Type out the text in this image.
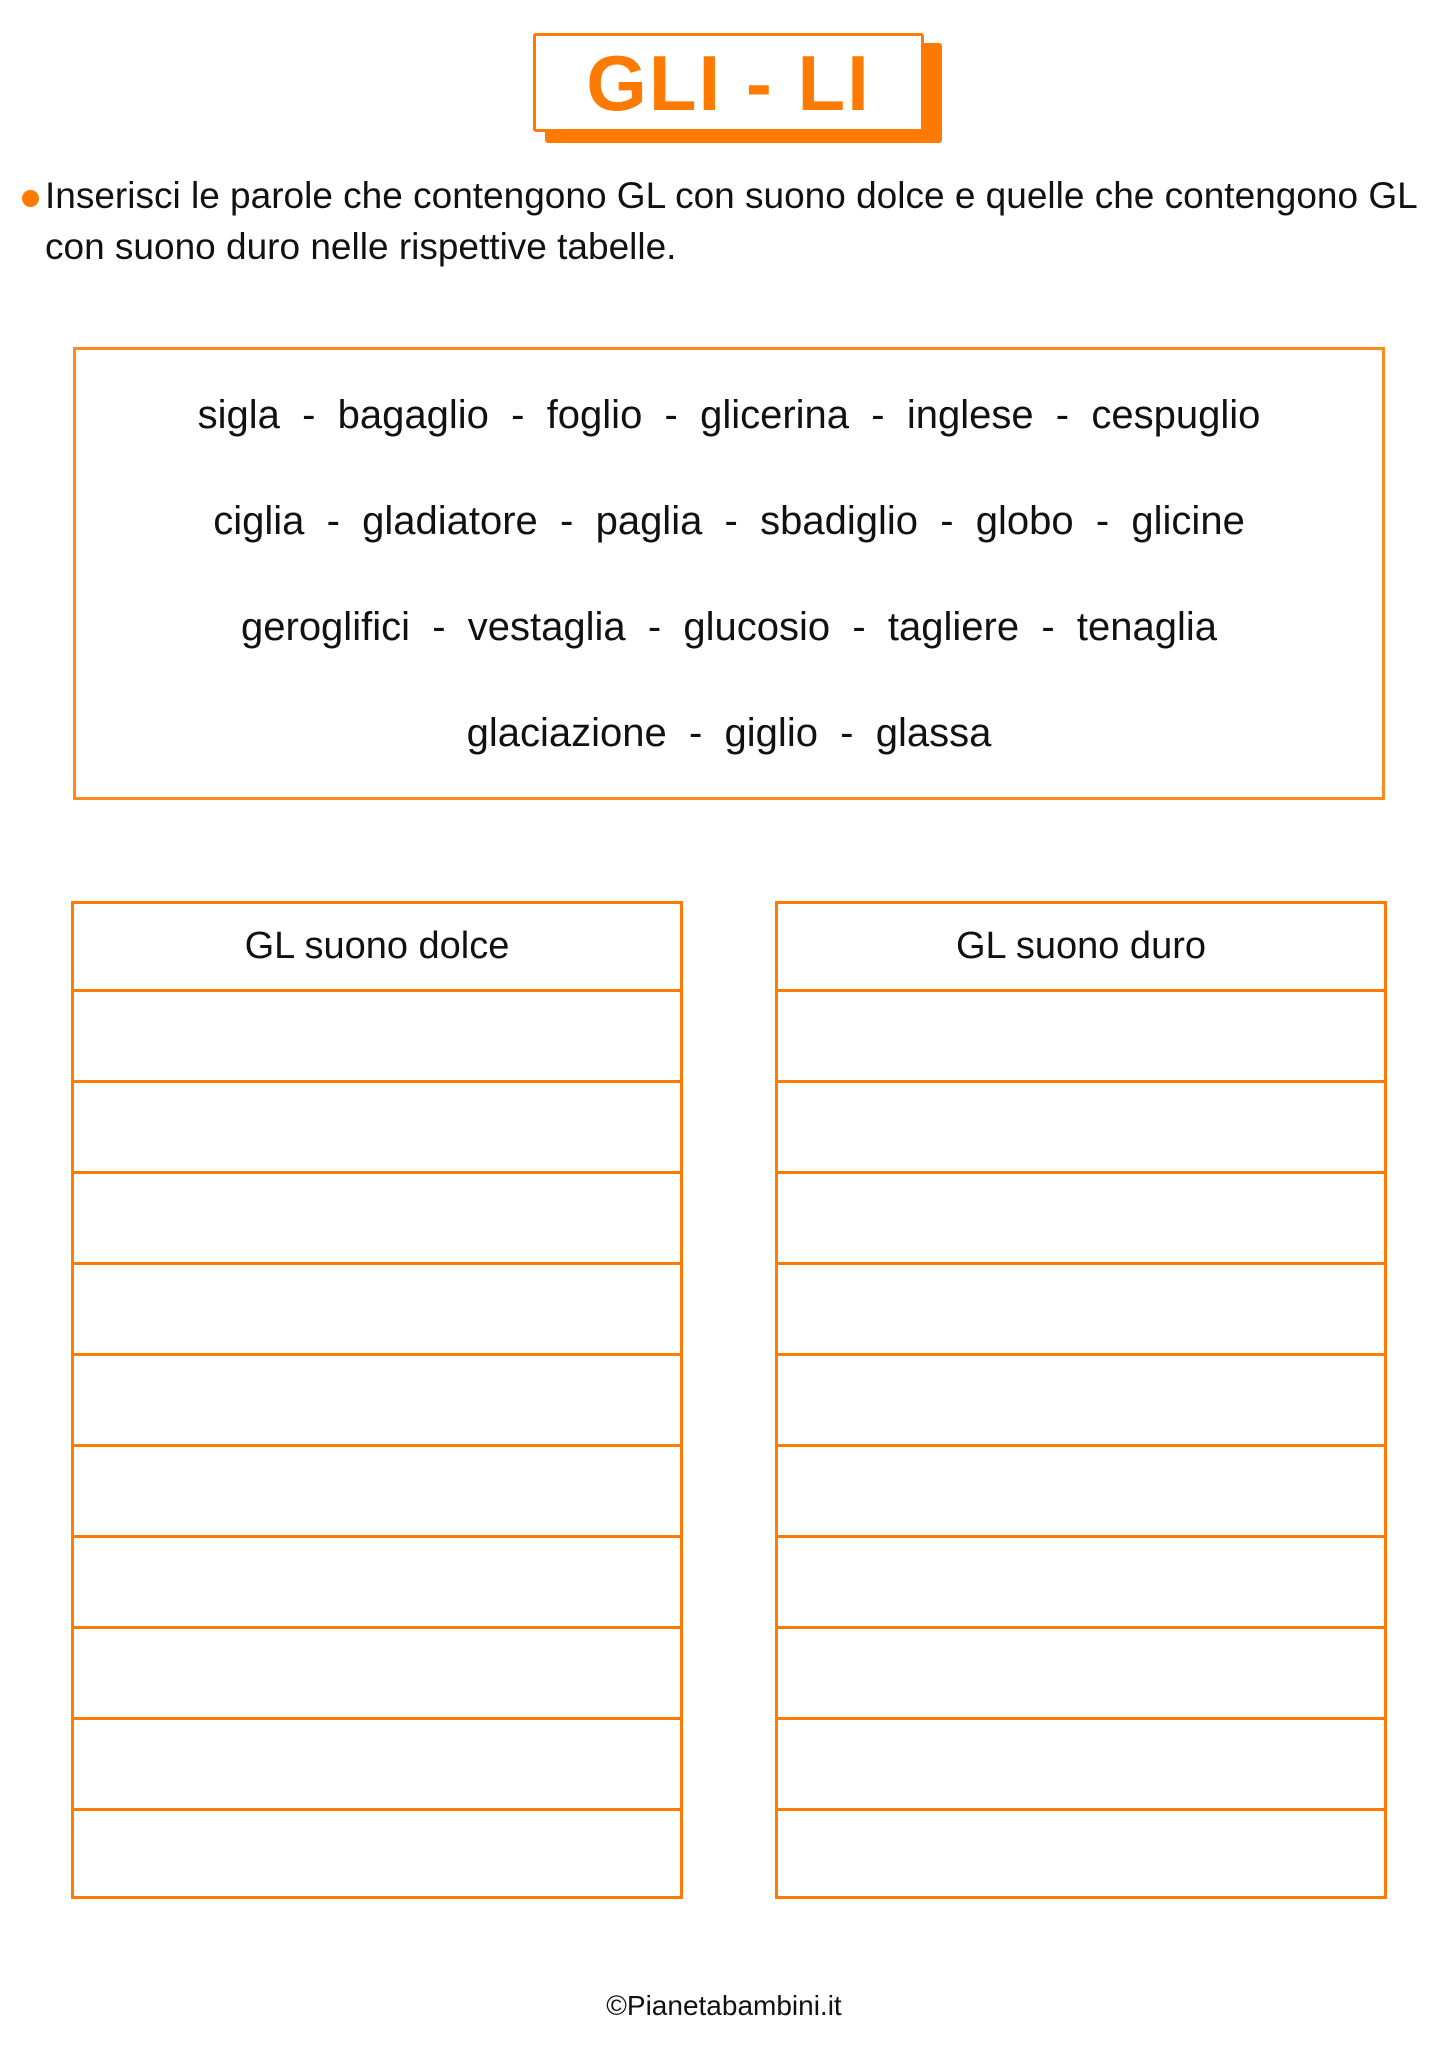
GLI - LI
Inserisci le parole che contengono GL con suono dolce e quelle che contengono GL con suono duro nelle rispettive tabelle.
sigla  -  bagaglio  -  foglio  -  glicerina  -  inglese  -  cespuglio
ciglia  -  gladiatore  -  paglia  -  sbadiglio  -  globo  -  glicine
geroglifici  -  vestaglia  -  glucosio  -  tagliere  -  tenaglia
glaciazione  -  giglio  -  glassa
GL suono dolce	GL suono duro
©Pianetabambini.it
